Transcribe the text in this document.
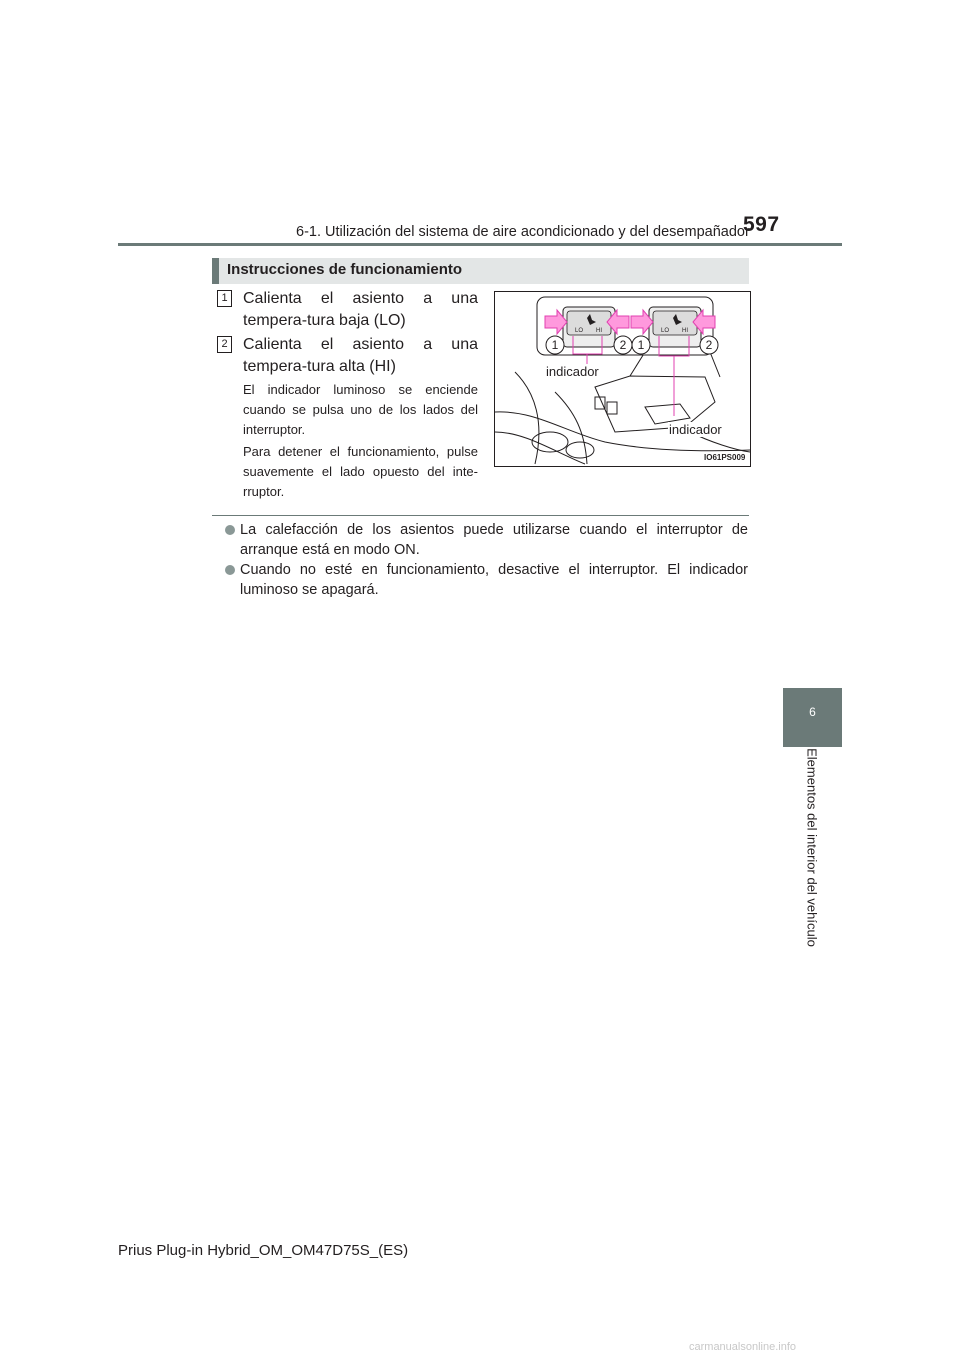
6-1. Utilización del sistema de aire acondicionado y del desempañador
597
6
Elementos del interior del vehículo
Instrucciones de funcionamiento
1 Calienta el asiento a una tempera-tura baja (LO)
2 Calienta el asiento a una tempera-tura alta (HI)
El indicador luminoso se enciende cuando se pulsa uno de los lados del interruptor.
Para detener el funcionamiento, pulse suavemente el lado opuesto del inte-rruptor.
LO HI	LO HI
1	2 1	2
indicador
indicador
IO61PS009
La calefacción de los asientos puede utilizarse cuando el interruptor de arranque está en modo ON.
Cuando no esté en funcionamiento, desactive el interruptor. El indicador luminoso se apagará.
Prius Plug-in Hybrid_OM_OM47D75S_(ES)
carmanualsonline.info
